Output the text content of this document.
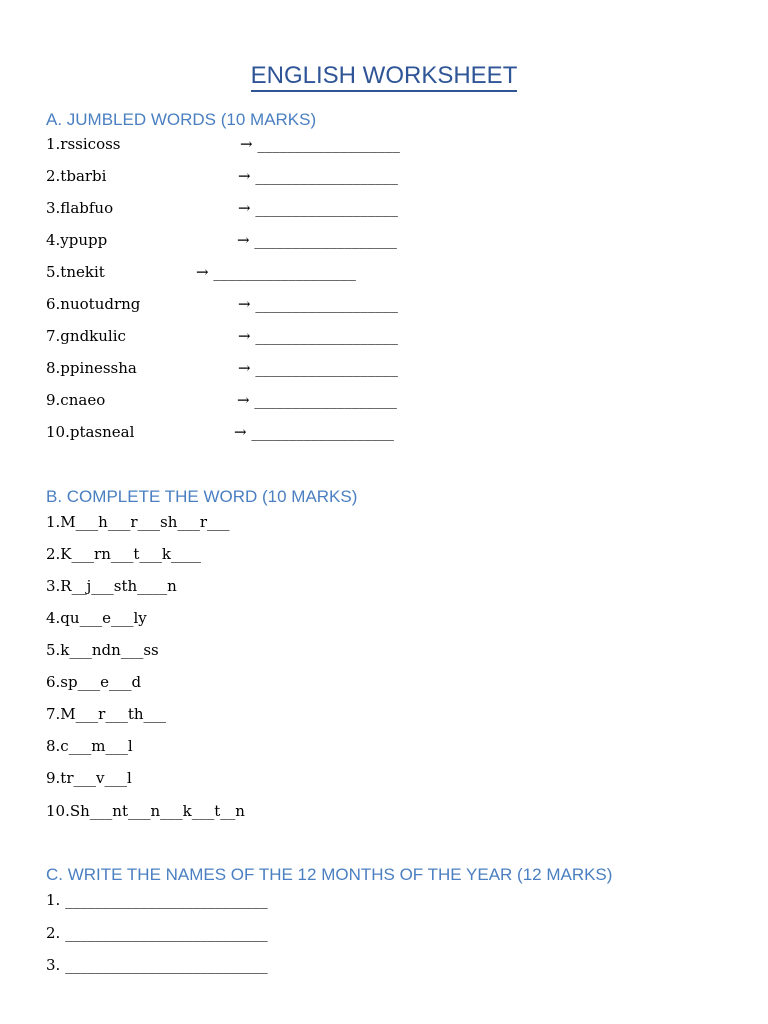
ENGLISH WORKSHEET
A. JUMBLED WORDS (10 MARKS)
1.rssicoss
2.tbarbi
3.flabfuo
4.ypupp
5.tnekit
6.nuotudrng
7.gndkulic
8.ppinessha
9.cnaeo
10.ptasneal
→ ___________________
→ ___________________
→ ___________________
→ ___________________
→ ___________________
→ ___________________
→ ___________________
→ ___________________
→ ___________________
→ ___________________
B. COMPLETE THE WORD (10 MARKS)
1.M___h___r___sh___r___
2.K___rn___t___k____
3.R__j___sth____n
4.qu___e___ly
5.k___ndn___ss
6.sp___e___d
7.M___r___th___
8.c___m___l
9.tr___v___l
10.Sh___nt___n___k___t__n
C. WRITE THE NAMES OF THE 12 MONTHS OF THE YEAR (12 MARKS)
1. ___________________________
2. ___________________________
3. ___________________________
